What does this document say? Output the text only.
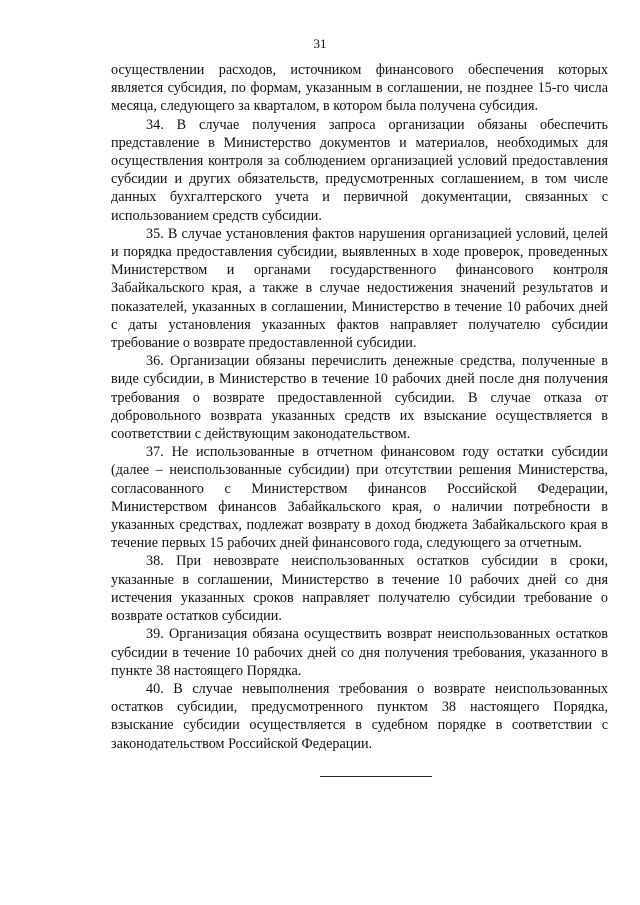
31

осуществлении расходов, источником финансового обеспечения которых является субсидия, по формам, указанным в соглашении, не позднее 15-го числа месяца, следующего за кварталом, в котором была получена субсидия.

34. В случае получения запроса организации обязаны обеспечить представление в Министерство документов и материалов, необходимых для осуществления контроля за соблюдением организацией условий предоставления субсидии и других обязательств, предусмотренных соглашением, в том числе данных бухгалтерского учета и первичной документации, связанных с использованием средств субсидии.

35. В случае установления фактов нарушения организацией условий, целей и порядка предоставления субсидии, выявленных в ходе проверок, проведенных Министерством и органами государственного финансового контроля Забайкальского края, а также в случае недостижения значений результатов и показателей, указанных в соглашении, Министерство в течение 10 рабочих дней с даты установления указанных фактов направляет получателю субсидии требование о возврате предоставленной субсидии.

36. Организации обязаны перечислить денежные средства, полученные в виде субсидии, в Министерство в течение 10 рабочих дней после дня получения требования о возврате предоставленной субсидии. В случае отказа от добровольного возврата указанных средств их взыскание осуществляется в соответствии с действующим законодательством.

37. Не использованные в отчетном финансовом году остатки субсидии (далее – неиспользованные субсидии) при отсутствии решения Министерства, согласованного с Министерством финансов Российской Федерации, Министерством финансов Забайкальского края, о наличии потребности в указанных средствах, подлежат возврату в доход бюджета Забайкальского края в течение первых 15 рабочих дней финансового года, следующего за отчетным.

38. При невозврате неиспользованных остатков субсидии в сроки, указанные в соглашении, Министерство в течение 10 рабочих дней со дня истечения указанных сроков направляет получателю субсидии требование о возврате остатков субсидии.

39. Организация обязана осуществить возврат неиспользованных остатков субсидии в течение 10 рабочих дней со дня получения требования, указанного в пункте 38 настоящего Порядка.

40. В случае невыполнения требования о возврате неиспользованных остатков субсидии, предусмотренного пунктом 38 настоящего Порядка, взыскание субсидии осуществляется в судебном порядке в соответствии с законодательством Российской Федерации.
